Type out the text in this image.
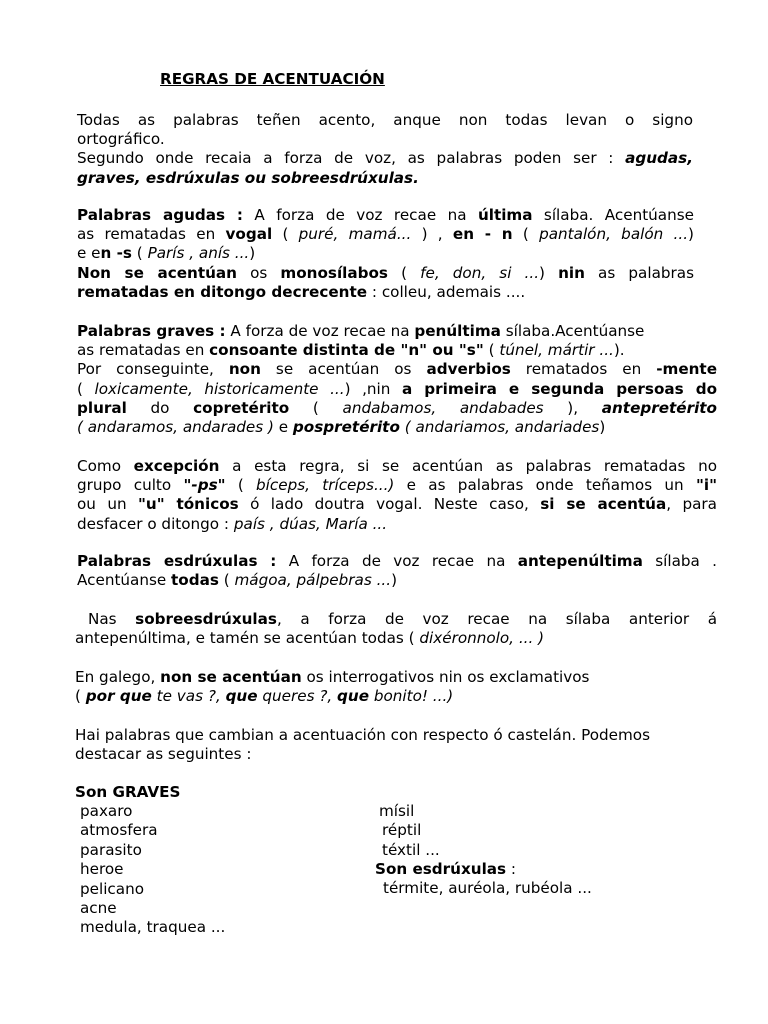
REGRAS DE ACENTUACIÓN
Todas as palabras teñen acento, anque non todas levan o signo
ortográfico.
Segundo onde recaia a forza de voz, as palabras poden ser : agudas,
graves, esdrúxulas ou sobreesdrúxulas.
Palabras agudas : A forza de voz recae na última sílaba. Acentúanse
as rematadas en vogal ( puré, mamá... ) , en - n ( pantalón, balón ...)
e en -s ( París , anís ...)
Non se acentúan os monosílabos ( fe, don, si ...) nin as palabras
rematadas en ditongo decrecente : colleu, ademais ....
Palabras graves : A forza de voz recae na penúltima sílaba.Acentúanse
as rematadas en consoante distinta de "n" ou "s" ( túnel, mártir ...).
Por conseguinte, non se acentúan os adverbios rematados en -mente
( loxicamente, historicamente ...) ,nin a primeira e segunda persoas do
plural do copretérito ( andabamos, andabades ), antepretérito
( andaramos, andarades ) e pospretérito ( andariamos, andariades)
Como excepción a esta regra, si se acentúan as palabras rematadas no
grupo culto "-ps" ( bíceps, tríceps...) e as palabras onde teñamos un "i"
ou un "u" tónicos ó lado doutra vogal. Neste caso, si se acentúa, para
desfacer o ditongo : país , dúas, María ...
Palabras esdrúxulas : A forza de voz recae na antepenúltima sílaba .
Acentúanse todas ( mágoa, pálpebras ...)
Nas sobreesdrúxulas, a forza de voz recae na sílaba anterior á
antepenúltima, e tamén se acentúan todas ( dixéronnolo, ... )
En galego, non se acentúan os interrogativos nin os exclamativos
( por que te vas ?, que queres ?, que bonito! ...)
Hai palabras que cambian a acentuación con respecto ó castelán. Podemos
destacar as seguintes :
Son GRAVES
paxaro
atmosfera
parasito
heroe
pelicano
acne
medula, traquea ...
mísil
réptil
téxtil ...
Son esdrúxulas :
térmite, auréola, rubéola ...
